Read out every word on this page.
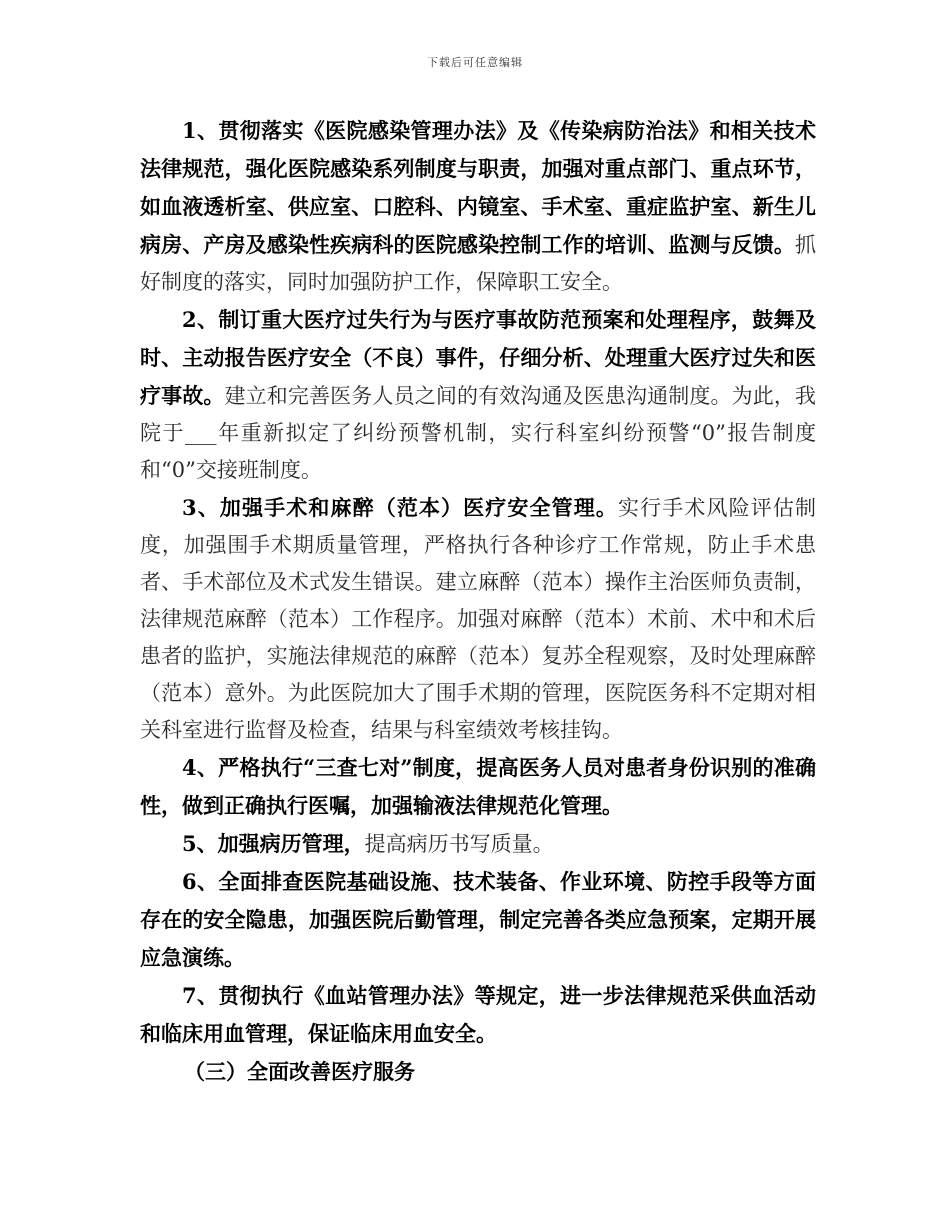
下载后可任意编辑

1、贯彻落实《医院感染管理办法》及《传染病防治法》和相关技术法律规范，强化医院感染系列制度与职责，加强对重点部门、重点环节，如血液透析室、供应室、口腔科、内镜室、手术室、重症监护室、新生儿病房、产房及感染性疾病科的医院感染控制工作的培训、监测与反馈。抓好制度的落实，同时加强防护工作，保障职工安全。

2、制订重大医疗过失行为与医疗事故防范预案和处理程序，鼓舞及时、主动报告医疗安全（不良）事件，仔细分析、处理重大医疗过失和医疗事故。建立和完善医务人员之间的有效沟通及医患沟通制度。为此，我院于___年重新拟定了纠纷预警机制，实行科室纠纷预警“0”报告制度和“0”交接班制度。

3、加强手术和麻醉（范本）医疗安全管理。实行手术风险评估制度，加强围手术期质量管理，严格执行各种诊疗工作常规，防止手术患者、手术部位及术式发生错误。建立麻醉（范本）操作主治医师负责制，法律规范麻醉（范本）工作程序。加强对麻醉（范本）术前、术中和术后患者的监护，实施法律规范的麻醉（范本）复苏全程观察，及时处理麻醉（范本）意外。为此医院加大了围手术期的管理，医院医务科不定期对相关科室进行监督及检查，结果与科室绩效考核挂钩。

4、严格执行“三查七对”制度，提高医务人员对患者身份识别的准确性，做到正确执行医嘱，加强输液法律规范化管理。

5、加强病历管理，提高病历书写质量。

6、全面排查医院基础设施、技术装备、作业环境、防控手段等方面存在的安全隐患，加强医院后勤管理，制定完善各类应急预案，定期开展应急演练。

7、贯彻执行《血站管理办法》等规定，进一步法律规范采供血活动和临床用血管理，保证临床用血安全。

（三）全面改善医疗服务
